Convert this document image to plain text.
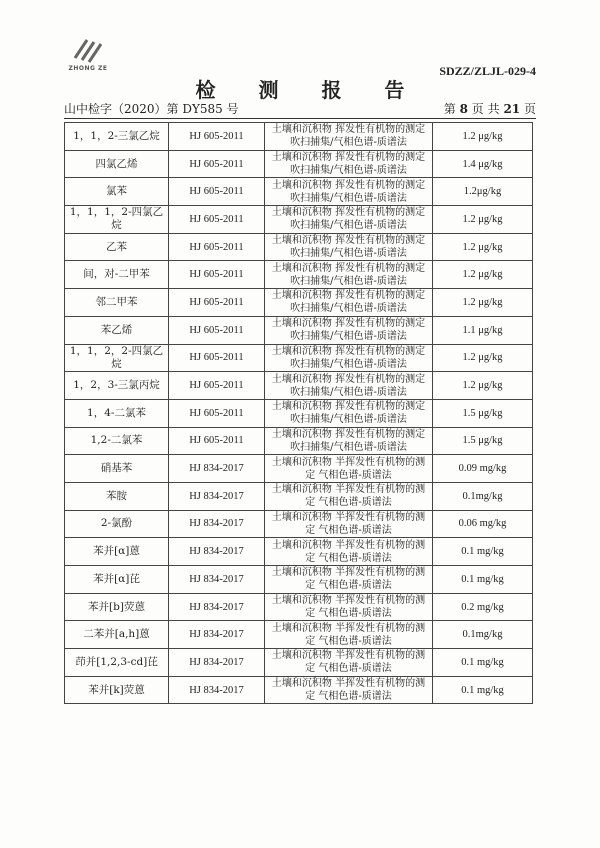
ZHONG ZE	SDZZ/ZLJL-029-4
检 测 报 告
山中检字（2020）第 DY585 号	第 8 页 共 21 页
1，1，2-三氯乙烷	HJ 605-2011	土壤和沉积物 挥发性有机物的测定 吹扫捕集/气相色谱-质谱法	1.2 μg/kg
四氯乙烯	HJ 605-2011	土壤和沉积物 挥发性有机物的测定 吹扫捕集/气相色谱-质谱法	1.4 μg/kg
氯苯	HJ 605-2011	土壤和沉积物 挥发性有机物的测定 吹扫捕集/气相色谱-质谱法	1.2μg/kg
1，1，1，2-四氯乙烷	HJ 605-2011	土壤和沉积物 挥发性有机物的测定 吹扫捕集/气相色谱-质谱法	1.2 μg/kg
乙苯	HJ 605-2011	土壤和沉积物 挥发性有机物的测定 吹扫捕集/气相色谱-质谱法	1.2 μg/kg
间，对-二甲苯	HJ 605-2011	土壤和沉积物 挥发性有机物的测定 吹扫捕集/气相色谱-质谱法	1.2 μg/kg
邻二甲苯	HJ 605-2011	土壤和沉积物 挥发性有机物的测定 吹扫捕集/气相色谱-质谱法	1.2 μg/kg
苯乙烯	HJ 605-2011	土壤和沉积物 挥发性有机物的测定 吹扫捕集/气相色谱-质谱法	1.1 μg/kg
1，1，2，2-四氯乙烷	HJ 605-2011	土壤和沉积物 挥发性有机物的测定 吹扫捕集/气相色谱-质谱法	1.2 μg/kg
1，2，3-三氯丙烷	HJ 605-2011	土壤和沉积物 挥发性有机物的测定 吹扫捕集/气相色谱-质谱法	1.2 μg/kg
1，4-二氯苯	HJ 605-2011	土壤和沉积物 挥发性有机物的测定 吹扫捕集/气相色谱-质谱法	1.5 μg/kg
1,2-二氯苯	HJ 605-2011	土壤和沉积物 挥发性有机物的测定 吹扫捕集/气相色谱-质谱法	1.5 μg/kg
硝基苯	HJ 834-2017	土壤和沉积物 半挥发性有机物的测定 气相色谱-质谱法	0.09 mg/kg
苯胺	HJ 834-2017	土壤和沉积物 半挥发性有机物的测定 气相色谱-质谱法	0.1mg/kg
2-氯酚	HJ 834-2017	土壤和沉积物 半挥发性有机物的测定 气相色谱-质谱法	0.06 mg/kg
苯并[α]蒽	HJ 834-2017	土壤和沉积物 半挥发性有机物的测定 气相色谱-质谱法	0.1 mg/kg
苯并[α]芘	HJ 834-2017	土壤和沉积物 半挥发性有机物的测定 气相色谱-质谱法	0.1 mg/kg
苯并[b]荧蒽	HJ 834-2017	土壤和沉积物 半挥发性有机物的测定 气相色谱-质谱法	0.2 mg/kg
二苯并[a,h]蒽	HJ 834-2017	土壤和沉积物 半挥发性有机物的测定 气相色谱-质谱法	0.1mg/kg
茚并[1,2,3-cd]芘	HJ 834-2017	土壤和沉积物 半挥发性有机物的测定 气相色谱-质谱法	0.1 mg/kg
苯并[k]荧蒽	HJ 834-2017	土壤和沉积物 半挥发性有机物的测定 气相色谱-质谱法	0.1 mg/kg
